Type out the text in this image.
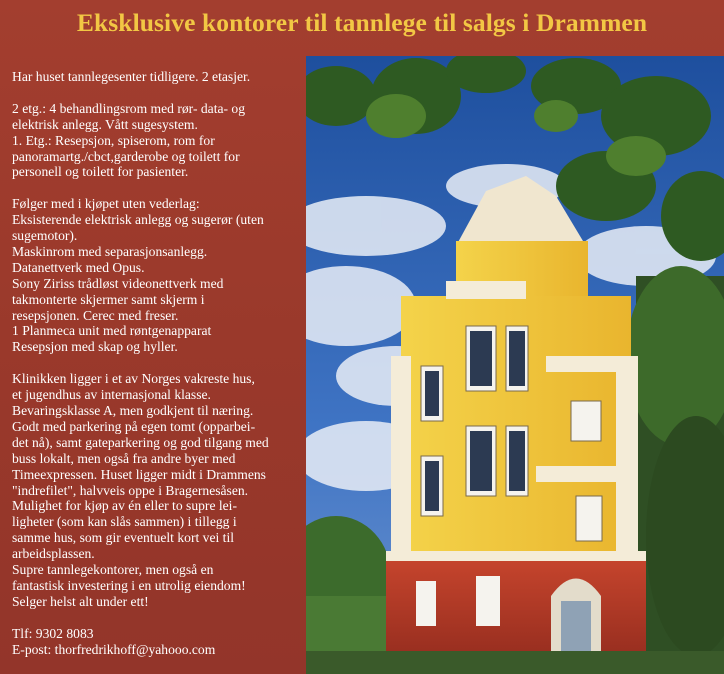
Eksklusive kontorer til tannlege til salgs i Drammen

Har huset tannlegesenter tidligere. 2 etasjer.

2 etg.: 4 behandlingsrom med rør- data- og
elektrisk anlegg. Vått sugesystem.
1. Etg.: Resepsjon, spiserom, rom for
panoramartg./cbct,garderobe og toilett for
personell og toilett for pasienter.

Følger med i kjøpet uten vederlag:
Eksisterende elektrisk anlegg og sugerør (uten
sugemotor).
Maskinrom med separasjonsanlegg.
Datanettverk med Opus.
Sony Ziriss trådløst videonettverk med
takmonterte skjermer samt skjerm i
resepsjonen. Cerec med freser.
1 Planmeca unit med røntgenapparat
Resepsjon med skap og hyller.

Klinikken ligger i et av Norges vakreste hus,
et jugendhus av internasjonal klasse.
Bevaringsklasse A, men godkjent til næring.
Godt med parkering på egen tomt (opparbei-
det nå), samt gateparkering og god tilgang med
buss lokalt, men også fra andre byer med
Timeexpressen. Huset ligger midt i Drammens
"indrefilet", halvveis oppe i Bragernesåsen.
Mulighet for kjøp av én eller to supre lei-
ligheter (som kan slås sammen) i tillegg i
samme hus, som gir eventuelt kort vei til
arbeidsplassen.
Supre tannlegekontorer, men også en
fantastisk investering i en utrolig eiendom!
Selger helst alt under ett!

Tlf: 9302 8083
E-post: thorfredrikhoff@yahooo.com
